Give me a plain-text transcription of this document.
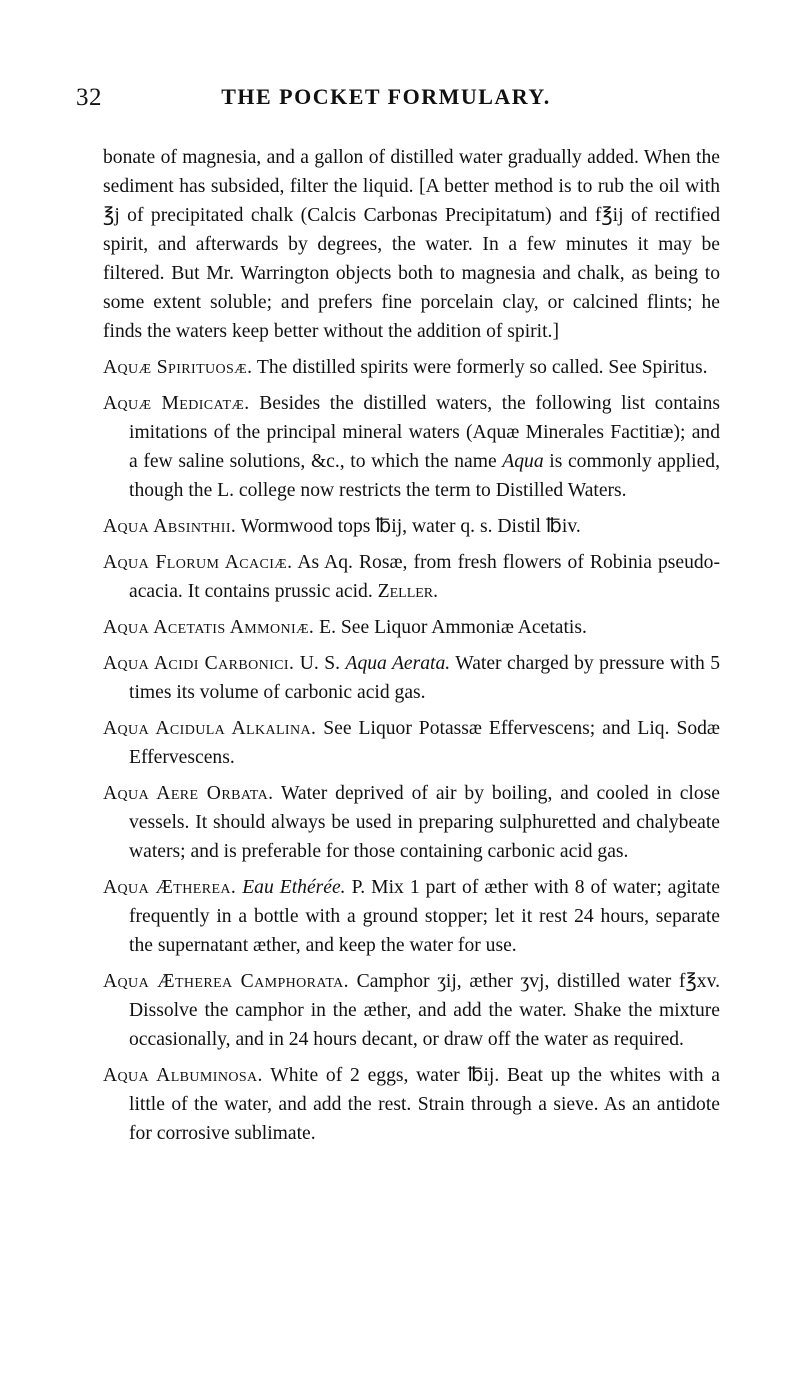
32	THE POCKET FORMULARY.

bonate of magnesia, and a gallon of distilled water gradually added. When the sediment has subsided, filter the liquid. [A better method is to rub the oil with ℥j of precipitated chalk (Calcis Carbonas Precipitatum) and f℥ij of rectified spirit, and afterwards by degrees, the water. In a few minutes it may be filtered. But Mr. Warrington objects both to magnesia and chalk, as being to some extent soluble; and prefers fine porcelain clay, or calcined flints; he finds the waters keep better without the addition of spirit.]

Aquæ Spirituosæ. The distilled spirits were formerly so called. See Spiritus.

Aquæ Medicatæ. Besides the distilled waters, the following list contains imitations of the principal mineral waters (Aquæ Minerales Factitiæ); and a few saline solutions, &c., to which the name Aqua is commonly applied, though the L. college now restricts the term to Distilled Waters.

Aqua Absinthii. Wormwood tops ℔ij, water q. s. Distil ℔iv.

Aqua Florum Acaciæ. As Aq. Rosæ, from fresh flowers of Robinia pseudo-acacia. It contains prussic acid. Zeller.

Aqua Acetatis Ammoniæ. E. See Liquor Ammoniæ Acetatis.

Aqua Acidi Carbonici. U. S. Aqua Aerata. Water charged by pressure with 5 times its volume of carbonic acid gas.

Aqua Acidula Alkalina. See Liquor Potassæ Effervescens; and Liq. Sodæ Effervescens.

Aqua Aere Orbata. Water deprived of air by boiling, and cooled in close vessels. It should always be used in preparing sulphuretted and chalybeate waters; and is preferable for those containing carbonic acid gas.

Aqua Ætherea. Eau Ethérée. P. Mix 1 part of æther with 8 of water; agitate frequently in a bottle with a ground stopper; let it rest 24 hours, separate the supernatant æther, and keep the water for use.

Aqua Ætherea Camphorata. Camphor ʒij, æther ʒvj, distilled water f℥xv. Dissolve the camphor in the æther, and add the water. Shake the mixture occasionally, and in 24 hours decant, or draw off the water as required.

Aqua Albuminosa. White of 2 eggs, water ℔ij. Beat up the whites with a little of the water, and add the rest. Strain through a sieve. As an antidote for corrosive sublimate.
